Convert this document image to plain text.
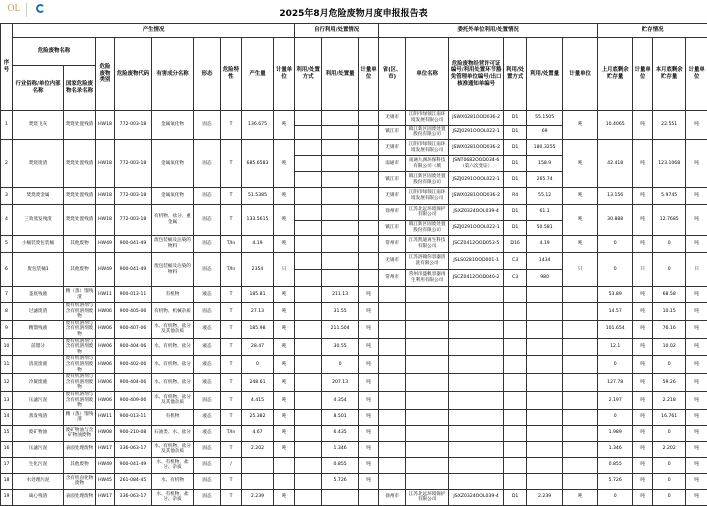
OL

	2025年8月危险废物月度申报报告表
序号	产生情况									自行利用/处置情况			委托外单位利用/处置情况						贮存情况			
	危险废物名称		危险废物类别	危险废物代码	有害成分名称	形态	危险特性	产生量	计量单位	利用/处置方式	利用/处置量	计量单位	省(区、市)	单位名称	危险废物经营许可证编号/利用处置环节豁免管理单位编号/出口核准通知单编号	利用/处置方式	利用/处置量	计量单位	上月底剩余贮存量	计量单位	本月底剩余贮存量	计量单位
	行业俗称/单位内部名称	国家危险废物名录名称																				
1	焚烧飞灰	焚烧处置残渣	HW18	772-003-18	金属氧化物	固态	T	136.675	吨				无锡市	江阴市绿领江南环境发展有限公司	JSWX0281OOD036-2	D1	55.1505	吨	10.4065	吨	22.551	吨
													镇江市	镇江新区固废处置股份有限公司	JSZJ0291OOOL022-1	D1	69					
2	焚烧废渣	焚烧处置残渣	HW18	772-003-18	金属氧化物	固态	T	685.6583	吨				无锡市	江阴市绿领江南环境发展有限公司	JSWX0281OOD036-2	D1	180.3255	吨	42.418	吨	123.1068	吨
													南通市	南通九洲环保科技有限公司（填	JSNT0682OOD034-6（第六次变证）	D1	158.9					
													镇江市	镇江新区固废处置股份有限公司	JSZJ0291OOOL022-1	D1	265.74					
3	焚烧废金属	焚烧处置残渣	HW18	772-003-18	金属氧化物	固态	T	51.5385	吨				无锡市	江阴市绿领江南环境发展有限公司	JSWX0281OOD036-2	R4	55.12	吨	13.156	吨	5.9745	吨
4	三效蒸发残渣	焚烧处置残渣	HW18	772-003-18	有机物、盐分、重金属	固态	T	133.5615	吨				徐州市	江苏北远环境保护有限公司	JSXZ0324OOL039-4	D1	61.1	吨	30.888	吨	12.7685	吨
													镇江市	镇江新区固废处置股份有限公司	JSZJ0291OOOL022-1	D1	50.581					
5	小桶装废包装桶	其他废物	HW49	900-041-49	废包装桶及沾染的物料	固态	T/In	4.19	吨				常州市	江苏凯迪再生科技有限公司	JSCZ0412OOD053-5	D16	4.19	吨	0	吨	0	吨
6	废包装桶1	其他废物	HW49	900-041-49	废包装桶及沾染的物料	固态	T/In	2354	只				无锡市	江苏洛翰你容器清洗有限公司	JSLS0281OOD001-1	C3	1434	只	0	只	0	只
													常州市	常州市盛帆容器再生利用有限公司	JSCZ0412OOD040-2	C3	980					
7	釜底残液	精（蒸）馏残渣	HW11	900-013-11	有机物	液态	T	185.81	吨		211.13	吨							53.89	吨	68.58	吨
8	过滤废渣	废有机溶剂与含有机溶剂废物	HW06	900-405-06	有机物、机械杂质	固态	T	27.13	吨		31.55	吨							14.57	吨	10.15	吨
9	精馏残液	废有机溶剂与含有机溶剂废物	HW06	900-407-06	水、有机物、盐分及其他杂质	液态	T	185.98	吨		211.504	吨							101.654	吨	76.16	吨
10	前馏分	废有机溶剂与含有机溶剂废物	HW06	900-404-06	水、有机物、盐分	液态	T	28.47	吨		30.55	吨							12.1	吨	10.02	吨
11	清洗废液	废有机溶剂与含有机溶剂废物	HW06	900-402-06	水、有机物、盐分	液态	T	0	吨		0	吨							0	吨	0	吨
12	冷凝废液	废有机溶剂与含有机溶剂废物	HW06	900-404-06	水、有机物、盐分	液态	T	248.61	吨		207.13	吨							127.78	吨	59.26	吨
13	压滤污泥	废有机溶剂与含有机溶剂废物	HW06	900-409-06	水、有机物、盐分及其他杂质	固态	T	4.415	吨		4.354	吨							2.197	吨	2.218	吨
14	蒸发残渣	精（蒸）馏残渣	HW11	900-013-11	有机物	液态	T	25.382	吨		8.501	吨							0	吨	16.761	吨
15	废矿物油	废矿物油与含矿物油废物	HW08	900-210-08	石油类、水、盐分	液态	T/In	4.67	吨		6.435	吨							1.989	吨	0	吨
16	压滤污泥	表面处理废物	HW17	336-063-17	水、有机物、盐分及其他杂质	固态	T	2.202	吨		1.346	吨							1.346	吨	2.202	吨
17	生化污泥	其他废物	HW49	900-041-49	水、有机物、盐分、杂质	固态	/				0.855	吨							0.855	吨	0	吨
18	水处理污泥	含有机卤化物废物	HW45	261-084-45	水、有机物	固态	T				5.726	吨							5.726	吨	0	吨
19	离心残渣	表面处理废物	HW17	336-063-17	水、有机物、盐分、杂质	固态	T	2.239	吨				徐州市	江苏北远环境保护有限公司	JSXZ0324OOL039-4	D1	2.239	吨	0	吨	0	吨
